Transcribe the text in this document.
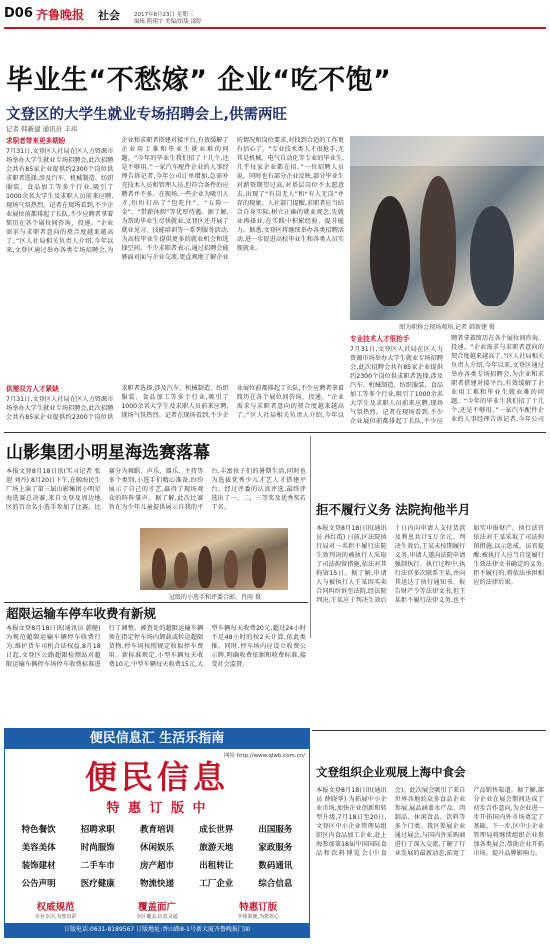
D06 齐鲁晚报 社会	2017年8月23日 星期三
编辑 隋翔宇 美编/组版 邵婷
毕业生“不愁嫁” 企业“吃不饱”
文登区的大学生就业专场招聘会上,供需两旺
记者 韩新建 通讯员 丰玮
求职者带来更多期盼
7月31日,文登区人社局在区人力资源市场举办大学生就业专场招聘会,此次招聘会共有85家企业提供约2300个岗位供求职者选择,涉及汽车、机械制造、纺织服装、食品加工等多个行业,吸引了1000余名大学生及求职人员前来应聘,现场气氛热烈。记者在现场看到,不少企业展位前都排起了长队,不少应聘者拿着简历在各个展位间咨询、投递。“企业需求与求职者意向的契合度越来越高了。”区人社局相关负责人介绍,今年以来,文登区通过举办各类专场招聘会,为企业和求职者搭建对接平台,有效缓解了企业用工难和毕业生就业难的问题。“今年的毕业生我们招了十几个,还是不够用。”一家汽车配件企业的人事经理告诉记者,今年公司订单增加,急需补充技术人员和管理人员,但符合条件的应聘者并不多。在现场,一些企业为吸引人才,纷纷打出了“包吃住”、“五险一金”、“带薪休假”等优厚待遇。据了解,为帮助毕业生尽快就业,文登区还开展了就业见习、技能培训等一系列服务活动,为高校毕业生提供更多的就业机会和选择空间。不少求职者表示,通过招聘会能够面对面与企业交流,更直观地了解企业的情况和岗位要求,对找到合适的工作更有信心了。“专业技术类人才很抢手,尤其是机械、电气自动化等专业的毕业生,几乎每家企业都在招。”一位招聘人员说。同时也有部分企业反映,部分毕业生对薪资期望过高,对基层岗位不太愿意去,出现了“有岗无人”和“有人无岗”并存的现象。人社部门提醒,求职者应当结合自身实际,树立正确的就业观念,先就业再择业,在实践中积累经验、提升能力。据悉,文登区将继续举办各类招聘活动,进一步促进高校毕业生和各类人员实现就业。
图为职称会现场观场,记者 韩新建 摄
专业技术人才很抢手
7月31日,文登区人社局在区人力资源市场举办大学生就业专场招聘会,此次招聘会共有85家企业提供约2300个岗位供求职者选择,涉及汽车、机械制造、纺织服装、食品加工等多个行业,吸引了1000余名大学生及求职人员前来应聘,现场气氛热烈。记者在现场看到,不少企业展位前都排起了长队,不少应聘者拿着简历在各个展位间咨询、投递。“企业需求与求职者意向的契合度越来越高了。”区人社局相关负责人介绍,今年以来,文登区通过举办各类专场招聘会,为企业和求职者搭建对接平台,有效缓解了企业用工难和毕业生就业难的问题。“今年的毕业生我们招了十几个,还是不够用。”一家汽车配件企业的人事经理告诉记者,今年公司
供需双方人才紧缺
7月31日,文登区人社局在区人力资源市场举办大学生就业专场招聘会,此次招聘会共有85家企业提供约2300个岗位供求职者选择,涉及汽车、机械制造、纺织服装、食品加工等多个行业,吸引了1000余名大学生及求职人员前来应聘,现场气氛热烈。记者在现场看到,不少企业展位前都排起了长队,不少应聘者拿着简历在各个展位间咨询、投递。“企业需求与求职者意向的契合度越来越高了。”区人社局相关负责人介绍,今年以
山影集团小明星海选赛落幕
本报文登8月18日讯(实习记者 张迎 刘丹) 8月20日下午,在鲸海民生广场上演了第三届山影集团小明星海选赛总决赛,来自文登及周边地区的百余名小选手参加了比赛。比赛分为舞蹈、声乐、器乐、主持等多个类别,小选手们精心准备,纷纷展示了自己的才艺,赢得了现场观众的阵阵掌声。据了解,此次比赛旨在为少年儿童提供展示自我的平台,丰富孩子们的暑期生活,同时也为选拔优秀少儿才艺人才搭建平台。经过评委的认真评选,最终评选出了一、二、三等奖及优秀奖若干名。
冠级的小选手和评委合影。肖雨 摄
拒不履行义务 法院拘他半月
本报文登8月18日讯(通讯员 孙红霞) 日前,区法院执行局对一名拒不履行法院生效判决的被执行人采取了司法拘留措施,依法对其拘留15日。据了解,申请人与被执行人王某因买卖合同纠纷诉至法院,经法院判决,王某应于判决生效后十日内向申请人支付货款及利息共计5万余元。判决生效后,王某未按期履行义务,申请人遂向法院申请强制执行。执行过程中,执行法官多次联系王某,并向其送达了执行通知书、报告财产令等法律文书,但王某拒不履行法律义务,也不如实申报财产。执行法官依法对王某采取了司法拘留措施,以示惩戒。法官提醒:被执行人应当自觉履行生效法律文书确定的义务,拒不履行的,将依法承担相应的法律后果。
超限运输车停车收费有新规
本报文登8月18日讯(通讯员 韩健) 为规范超限运输车辆停车收费行为,维护货车司机合法权益,8月18日起,文登区公路超限检测站对超限运输车辆停车场停车收费标准进行了调整。被查处的超限运输车辆须在指定停车场内卸载或转运超限货物,停车场按照规定收取停车费用。新标准规定,小型车辆每天收费10元,中型车辆每天收费15元,大型车辆每天收费20元,超过24小时不足48小时的按2天计算,依此类推。同时,停车场内应设立收费公示牌,明确收费依据和收费标准,接受社会监督。
便民信息汇 生活乐指南
网址 http://www.qlwb.com.cn/
便民信息
特 惠 订 版 中
特色餐饮	招聘求职	教育培训	成长世界	出国服务
美容美体	时尚服饰	休闲娱乐	旅游天地	家政服务
装饰建材	二手车市	房产超市	出租转让	数码通讯
公告声明	医疗健康	物流快递	工厂企业	综合信息
权威规范
专业专注,为您出彩
覆盖面广
全区覆盖,信息灵通
特惠订版
手续简便,为您省心
订版电话:0631-8189567 订版地址:香山路8-1号新大厦齐鲁晚报门面
文登组织企业观展上海中食会
本报文登8月18日讯(通讯员 薛晓华) 为拓展中小企业市场,加快企业创新和转型升级,7月18日至20日,文登区中小企业管理局组织区内食品加工企业,赴上海参加第18届中国国际食品和饮料博览会(中食会)。此次展会吸引了来自世界各地的众多食品企业参展,展品涵盖水产品、肉制品、休闲食品、饮料等多个门类。我区参展企业通过展会,与国内外采购商进行了深入交流,了解了行业发展的最新动态,拓宽了产品销售渠道。据了解,部分企业在展会期间达成了初步合作意向,为企业进一步开拓国内外市场奠定了基础。下一步,区中小企业管理局将继续组织企业参加各类展会,帮助企业开拓市场、提升品牌影响力。
